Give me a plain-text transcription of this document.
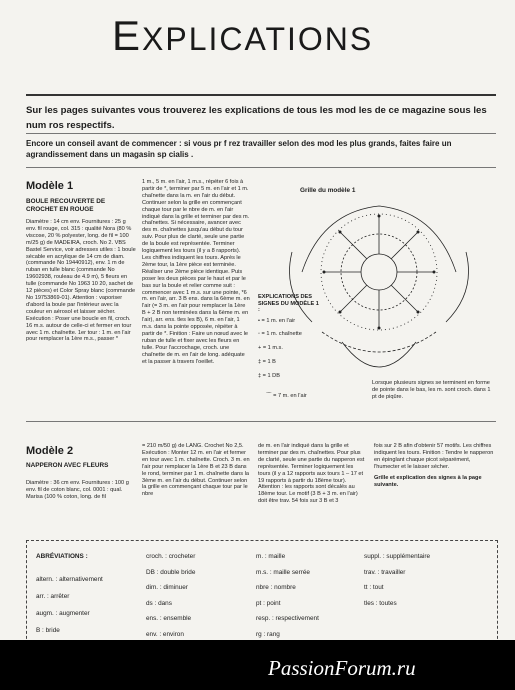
EXPLICATIONS
Sur les pages suivantes vous trouverez les explications de tous les mod les de ce magazine sous les num ros respectifs.
Encore un conseil avant de commencer : si vous pr f rez travailler selon des mod les plus grands, faites faire un agrandissement dans un magasin sp cialis .
Modèle 1
BOULE RECOUVERTE DE CROCHET EN ROUGE
Diamètre : 14 cm env. Fournitures : 25 g env. fil rouge, col. 315 : qualité Nora (80 % viscose, 20 % polyester, long. de fil = 100 m/25 g) de MADEIRA, croch. No 2. VBS Bastel Service, voir adresses utiles : 1 boule sécable en acrylique de 14 cm de diam. (commande No 19440912), env. 1 m de ruban en tulle blanc (commande No 19602938, rouleau de 4.9 m), 5 fleurs en tulle (commande No 1963 10 20, sachet de 12 pièces) et Color Spray blanc (commande No 19753869-01). Attention : vaporiser d'abord la boule par l'intérieur avec la couleur en aérosol et laisser sécher. Exécution : Poser une boucle en fil, croch. 16 m.s. autour de celle-ci et fermer en tour avec 1 m. chaînette. 1er tour : 1 m. en l'air pour remplacer la 1ère m.s., passer *
1 m., 5 m. en l'air, 1 m.s., répéter 6 fois à partir de *, terminer par 5 m. en l'air et 1 m. chaînette dans la m. en l'air du début. Continuer selon la grille en commençant chaque tour par le nbre de m. en l'air indiqué dans la grille et terminer par des m. chaînettes. Si nécessaire, avancer avec des m. chaînettes jusqu'au début du tour suiv. Pour plus de clarté, seule une partie de la boule est représentée. Terminer logiquement les tours (il y a 8 rapports). Les chiffres indiquent les tours. Après le 2ème tour, la 1ère pièce est terminée. Réaliser une 2ème pièce identique. Puis poser les deux pièces par le haut et par le bas sur la boule et relier comme suit : commencer avec 1 m.s. sur une pointe, *6 m. en l'air, arr. 3 B ens. dans la 6ème m. en l'air (= 3 m. en l'air pour remplacer la 1ère B + 2 B non terminées dans la 6ème m. en l'air), arr. ens. tles les B), 6 m. en l'air, 1 m.s. dans la pointe opposée, répéter à partir de *. Finition : Faire un nœud avec le ruban de tulle et fixer avec les fleurs en tulle. Pour l'accrochage, croch. une chaînette de m. en l'air de long. adéquate et la passer à travers l'oeillet.
Grille du modèle 1
EXPLICATIONS DES SIGNES DU MODÈLE 1 :
• = 1 m. en l'air
◦ = 1 m. chaînette
+ = 1 m.s.
‡ = 1 B
‡ = 1 DB
⌒ = 7 m. en l'air
Lorsque plusieurs signes se terminent en forme de pointe dans le bas, les m. sont croch. dans 1 pt de piqûre.
Modèle 2
NAPPERON AVEC FLEURS
Diamètre : 36 cm env. Fournitures : 100 g env. fil de coton blanc, col. 0001 : qual. Marisa (100 % coton, long. de fil
= 210 m/50 g) de LANG. Crochet No 2,5. Exécution : Monter 12 m. en l'air et fermer en tour avec 1 m. chaînette. Croch. 3 m. en l'air pour remplacer la 1ère B et 23 B dans le rond, terminer par 1 m. chaînette dans la 3ème m. en l'air du début. Continuer selon la grille en commençant chaque tour par le nbre
de m. en l'air indiqué dans la grille et terminer par des m. chaînettes. Pour plus de clarté, seule une partie du napperon est représentée. Terminer logiquement les tours (il y a 12 rapports aux tours 1 – 17 et 19 rapports à partir du 18ème tour). Attention : les rapports sont décalés au 18ème tour. Le motif (3 B + 3 m. en l'air) doit être trav. 54 fois sur 3 B et 3
fois sur 2 B afin d'obtenir 57 motifs. Les chiffres indiquent les tours. Finition : Tendre le napperon en épinglant chaque picot séparément, l'humecter et le laisser sécher.
Grille et explication des signes à la page suivante.
ABRÉVIATIONS :
altern. : alternativement
arr. : arrêter
augm. : augmenter
B : bride
croch. : crocheter
DB : double bride
dim. : diminuer
ds : dans
ens. : ensemble
env. : environ
m. : maille
m.s. : maille serrée
nbre : nombre
pt : point
resp. : respectivement
rg : rang
suppl. : supplémentaire
trav. : travailler
tt : tout
tles : toutes
PassionForum.ru
